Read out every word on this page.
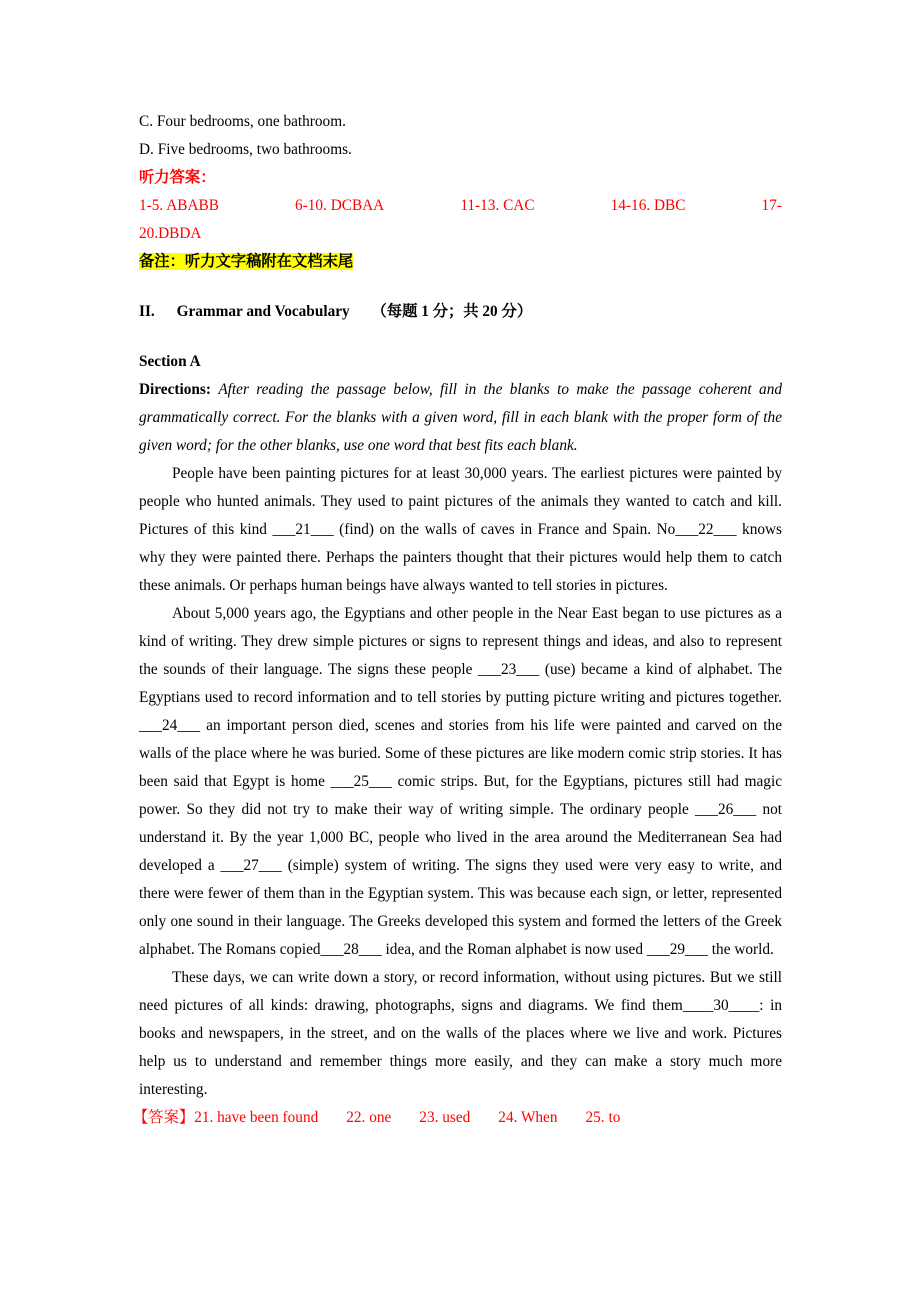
C. Four bedrooms, one bathroom.
D. Five bedrooms, two bathrooms.
听力答案：
1-5. ABABB	6-10. DCBAA	11-13. CAC	14-16. DBC	17-
20.DBDA
备注：听力文字稿附在文档末尾
II. Grammar and Vocabulary （每题 1 分；共 20 分）
Section A
Directions: After reading the passage below, fill in the blanks to make the passage coherent and grammatically correct. For the blanks with a given word, fill in each blank with the proper form of the given word; for the other blanks, use one word that best fits each blank.
People have been painting pictures for at least 30,000 years. The earliest pictures were painted by people who hunted animals. They used to paint pictures of the animals they wanted to catch and kill. Pictures of this kind ___21___ (find) on the walls of caves in France and Spain. No___22___ knows why they were painted there. Perhaps the painters thought that their pictures would help them to catch these animals. Or perhaps human beings have always wanted to tell stories in pictures.
About 5,000 years ago, the Egyptians and other people in the Near East began to use pictures as a kind of writing. They drew simple pictures or signs to represent things and ideas, and also to represent the sounds of their language. The signs these people ___23___ (use) became a kind of alphabet. The Egyptians used to record information and to tell stories by putting picture writing and pictures together. ___24___ an important person died, scenes and stories from his life were painted and carved on the walls of the place where he was buried. Some of these pictures are like modern comic strip stories. It has been said that Egypt is home ___25___ comic strips. But, for the Egyptians, pictures still had magic power. So they did not try to make their way of writing simple. The ordinary people ___26___ not understand it. By the year 1,000 BC, people who lived in the area around the Mediterranean Sea had developed a ___27___ (simple) system of writing. The signs they used were very easy to write, and there were fewer of them than in the Egyptian system. This was because each sign, or letter, represented only one sound in their language. The Greeks developed this system and formed the letters of the Greek alphabet. The Romans copied___28___ idea, and the Roman alphabet is now used ___29___ the world.
These days, we can write down a story, or record information, without using pictures. But we still need pictures of all kinds: drawing, photographs, signs and diagrams. We find them____30____: in books and newspapers, in the street, and on the walls of the places where we live and work. Pictures help us to understand and remember things more easily, and they can make a story much more interesting.
【答案】21. have been found 22. one 23. used 24. When 25. to
